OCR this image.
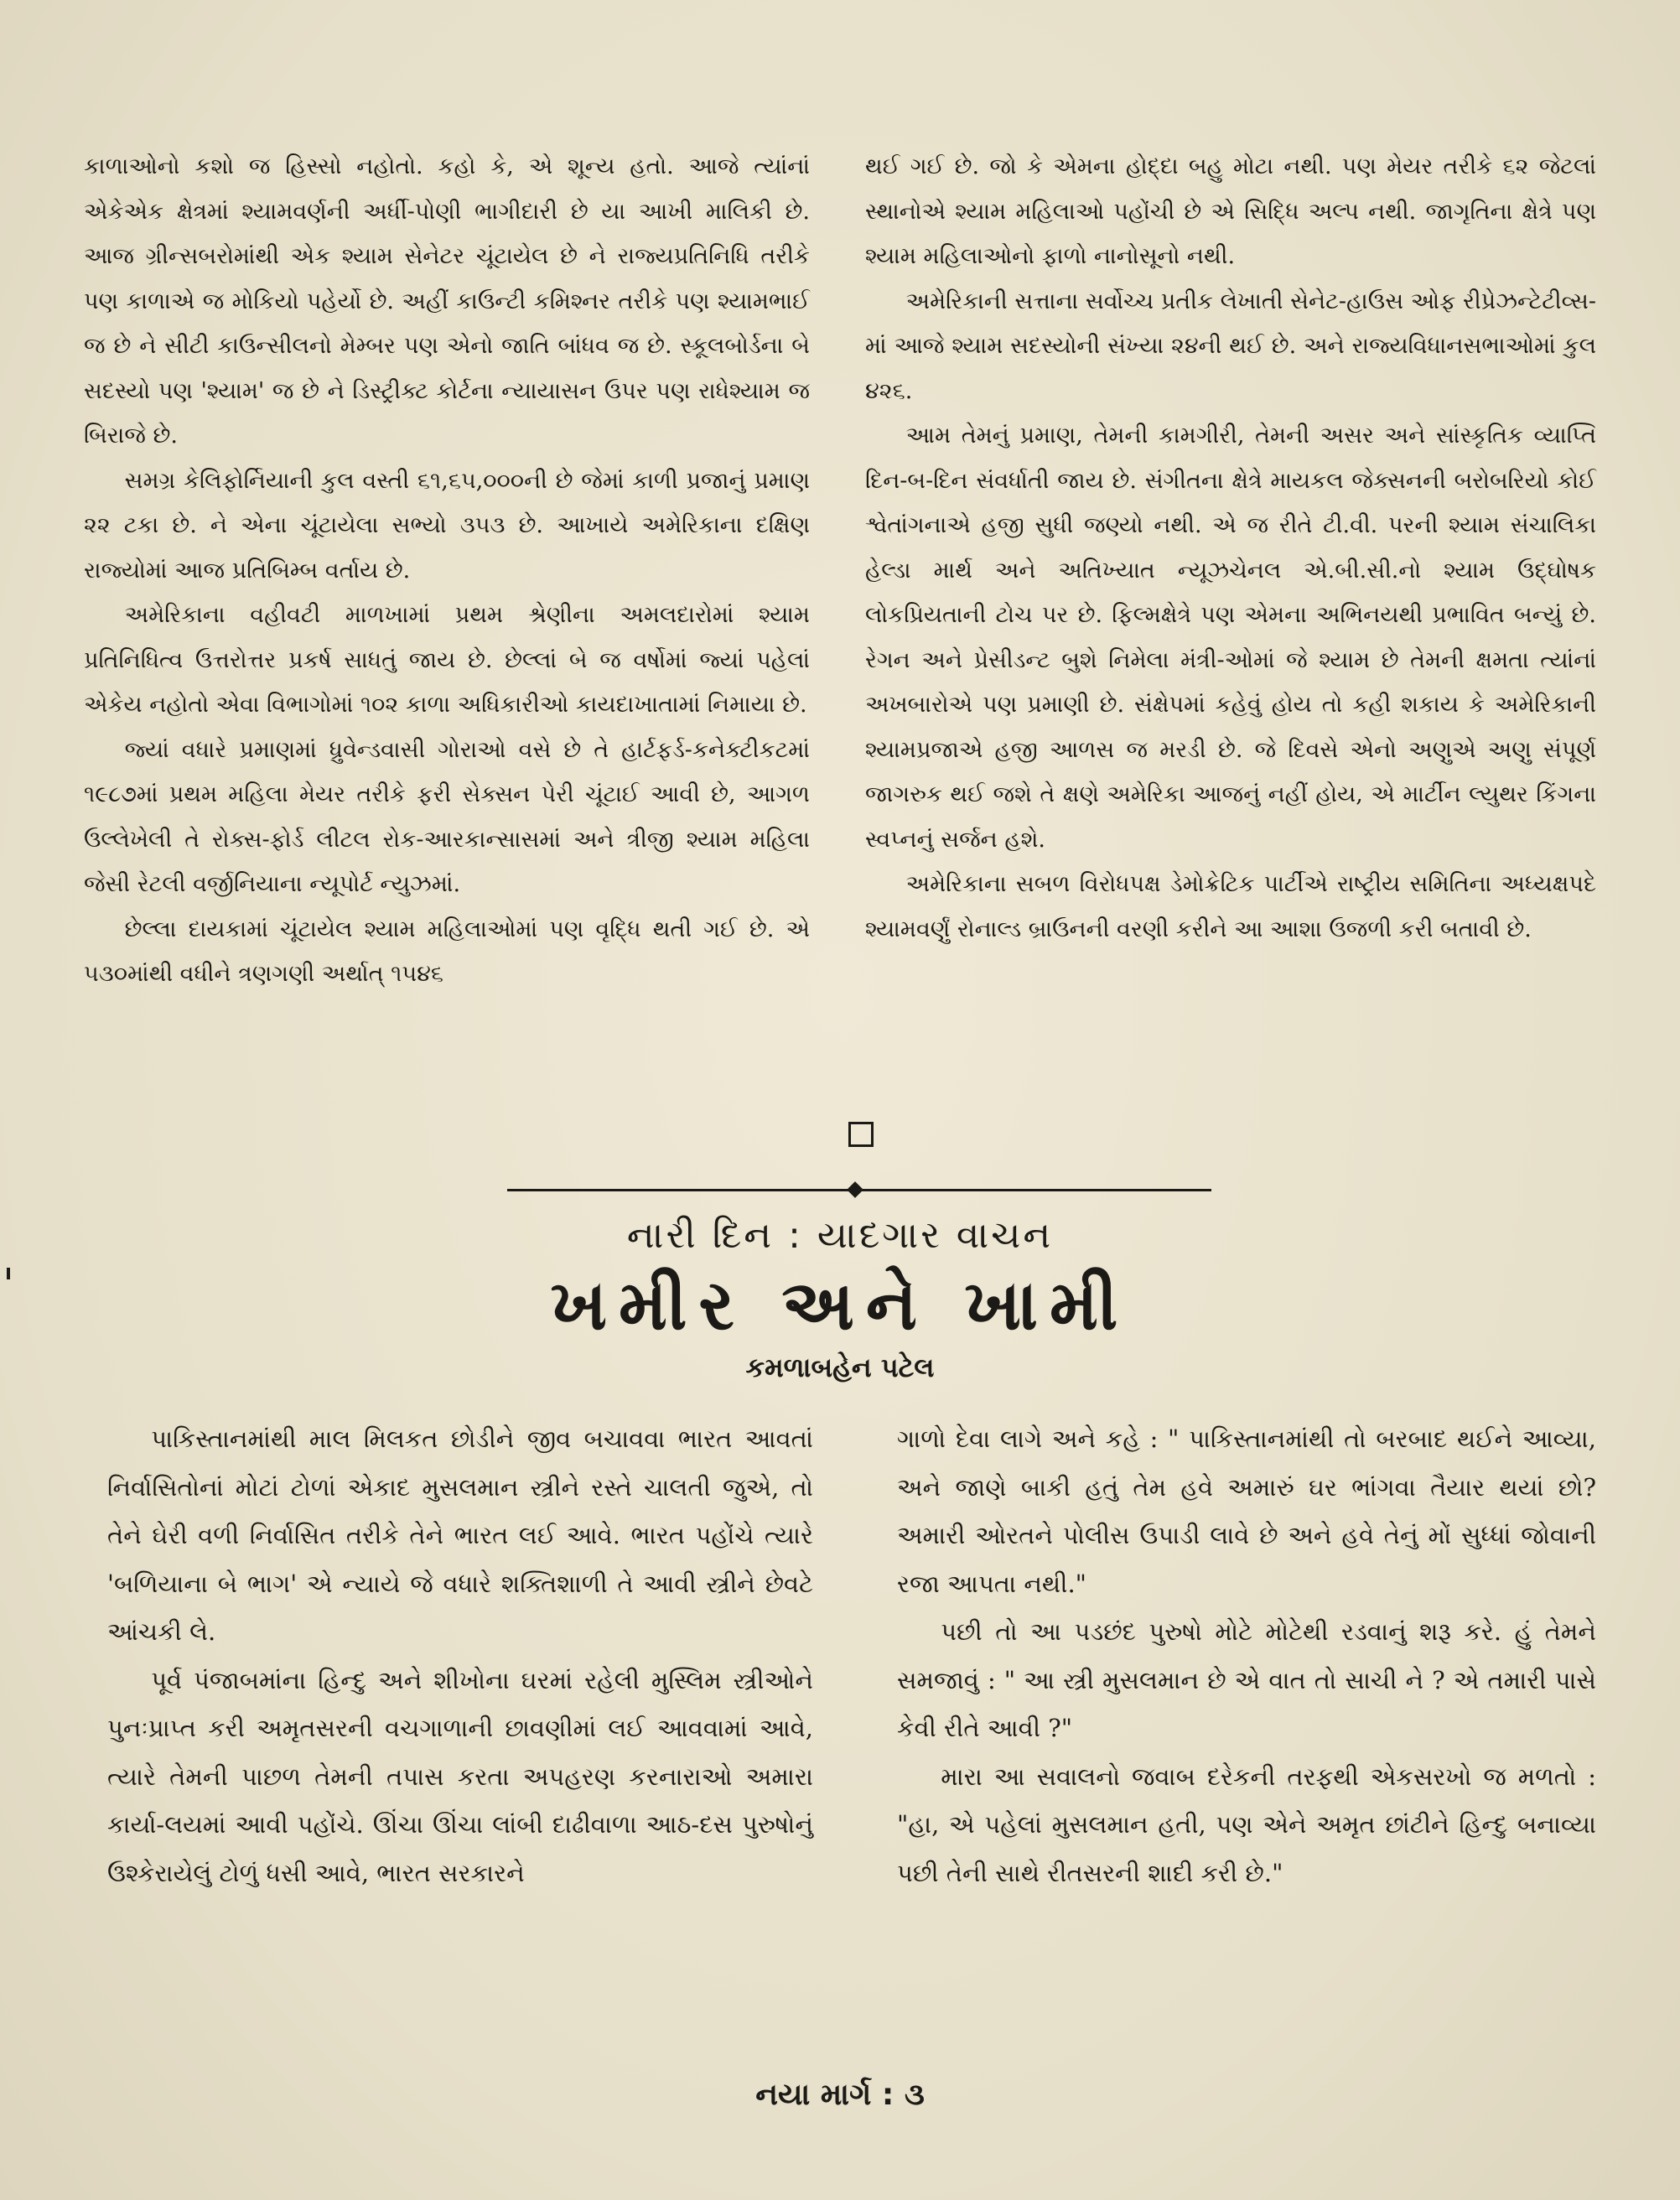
કાળાઓનો કશો જ હિસ્સો નહોતો. કહો કે, એ શૂન્ય હતો. આજે ત્યાંનાં એકેએક ક્ષેત્રમાં શ્યામવર્ણની અર્ધી-પોણી ભાગીદારી છે યા આખી માલિકી છે. આજ ગ્રીન્સબરોમાંથી એક શ્યામ સેનેટર ચૂંટાયેલ છે ને રાજ્યપ્રતિનિધિ તરીકે પણ કાળાએ જ મોકિયો પહેર્યો છે. અહીં કાઉન્ટી કમિશ્નર તરીકે પણ શ્યામભાઈ જ છે ને સીટી કાઉન્સીલનો મેમ્બર પણ એનો જાતિ બાંધવ જ છે. સ્કૂલબોર્ડના બે સદસ્યો પણ 'શ્યામ' જ છે ને ડિસ્ટ્રીક્ટ કોર્ટના ન્યાયાસન ઉપર પણ રાધેશ્યામ જ બિરાજે છે.

સમગ્ર કેલિફોર્નિયાની કુલ વસ્તી ૬૧,૬૫,૦૦૦ની છે જેમાં કાળી પ્રજાનું પ્રમાણ ૨૨ ટકા છે. ને એના ચૂંટાયેલા સભ્યો ૩૫૩ છે. આખાયે અમેરિકાના દક્ષિણ રાજ્યોમાં આજ પ્રતિબિમ્બ વર્તાય છે.

અમેરિકાના વહીવટી માળખામાં પ્રથમ શ્રેણીના અમલદારોમાં શ્યામ પ્રતિનિધિત્વ ઉત્તરોત્તર પ્રકર્ષ સાધતું જાય છે. છેલ્લાં બે જ વર્ષોમાં જ્યાં પહેલાં એકેય નહોતો એવા વિભાગોમાં ૧૦૨ કાળા અધિકારીઓ કાયદાખાતામાં નિમાયા છે.

જ્યાં વધારે પ્રમાણમાં ધ્રુવેન્ડવાસી ગોરાઓ વસે છે તે હાર્ટફર્ડ-કનેક્ટીકટમાં ૧૯૮૭માં પ્રથમ મહિલા મેયર તરીકે ફરી સેક્સન પેરી ચૂંટાઈ આવી છે, આગળ ઉલ્લેખેલી તે રોક્સ-ફોર્ડ લીટલ રોક-આરકાન્સાસમાં અને ત્રીજી શ્યામ મહિલા જેસી રેટલી વર્જીનિયાના ન્યૂપોર્ટ ન્યુઝમાં.

છેલ્લા દાયકામાં ચૂંટાયેલ શ્યામ મહિલાઓમાં પણ વૃદ્ધિ થતી ગઈ છે. એ ૫૩૦માંથી વધીને ત્રણગણી અર્થાત્ ૧૫૪૬

થઈ ગઈ છે. જો કે એમના હોદ્દા બહુ મોટા નથી. પણ મેયર તરીકે ૬૨ જેટલાં સ્થાનોએ શ્યામ મહિલાઓ પહોંચી છે એ સિદ્ધિ અલ્પ નથી. જાગૃતિના ક્ષેત્રે પણ શ્યામ મહિલાઓનો ફાળો નાનોસૂનો નથી.

અમેરિકાની સત્તાના સર્વોચ્ચ પ્રતીક લેખાતી સેનેટ-હાઉસ ઓફ રીપ્રેઝન્ટેટીવ્સ-માં આજે શ્યામ સદસ્યોની સંખ્યા ૨૪ની થઈ છે. અને રાજ્યવિધાનસભાઓમાં કુલ ૪૨૬.

આમ તેમનું પ્રમાણ, તેમની કામગીરી, તેમની અસર અને સાંસ્કૃતિક વ્યાપ્તિ દિન-બ-દિન સંવર્ધાતી જાય છે. સંગીતના ક્ષેત્રે માયકલ જેક્સનની બરોબરિયો કોઈ શ્વેતાંગનાએ હજી સુધી જણ્યો નથી. એ જ રીતે ટી.વી. પરની શ્યામ સંચાલિકા હેલ્ડા માર્થ અને અતિખ્યાત ન્યૂઝચેનલ એ.બી.સી.નો શ્યામ ઉદ્ઘોષક લોકપ્રિયતાની ટોચ પર છે. ફિલ્મક્ષેત્રે પણ એમના અભિનયથી પ્રભાવિત બન્યું છે. રેગન અને પ્રેસીડન્ટ બુશે નિમેલા મંત્રી-ઓમાં જે શ્યામ છે તેમની ક્ષમતા ત્યાંનાં અખબારોએ પણ પ્રમાણી છે. સંક્ષેપમાં કહેવું હોય તો કહી શકાય કે અમેરિકાની શ્યામપ્રજાએ હજી આળસ જ મરડી છે. જે દિવસે એનો અણુએ અણુ સંપૂર્ણ જાગરુક થઈ જશે તે ક્ષણે અમેરિકા આજનું નહીં હોય, એ માર્ટીન લ્યુથર કિંગના સ્વપ્નનું સર્જન હશે.

અમેરિકાના સબળ વિરોધપક્ષ ડેમોક્રેટિક પાર્ટીએ રાષ્ટ્રીય સમિતિના અધ્યક્ષપદે શ્યામવર્ણું રોનાલ્ડ બ્રાઉનની વરણી કરીને આ આશા ઉજળી કરી બતાવી છે.

નારી દિન : યાદગાર વાચન
ખમીર અને ખામી
કમળાબહેન પટેલ

પાકિસ્તાનમાંથી માલ મિલકત છોડીને જીવ બચાવવા ભારત આવતાં નિર્વાસિતોનાં મોટાં ટોળાં એકાદ મુસલમાન સ્ત્રીને રસ્તે ચાલતી જુએ, તો તેને ઘેરી વળી નિર્વાસિત તરીકે તેને ભારત લઈ આવે. ભારત પહોંચે ત્યારે 'બળિયાના બે ભાગ' એ ન્યાયે જે વધારે શક્તિશાળી તે આવી સ્ત્રીને છેવટે આંચકી લે.

પૂર્વ પંજાબમાંના હિન્દુ અને શીખોના ઘરમાં રહેલી મુસ્લિમ સ્ત્રીઓને પુનઃપ્રાપ્ત કરી અમૃતસરની વચગાળાની છાવણીમાં લઈ આવવામાં આવે, ત્યારે તેમની પાછળ તેમની તપાસ કરતા અપહરણ કરનારાઓ અમારા કાર્યા-લયમાં આવી પહોંચે. ઊંચા ઊંચા લાંબી દાઢીવાળા આઠ-દસ પુરુષોનું ઉશ્કેરાયેલું ટોળું ધસી આવે, ભારત સરકારને

ગાળો દેવા લાગે અને કહે : " પાકિસ્તાનમાંથી તો બરબાદ થઈને આવ્યા, અને જાણે બાકી હતું તેમ હવે અમારું ઘર ભાંગવા તૈયાર થયાં છો? અમારી ઓરતને પોલીસ ઉપાડી લાવે છે અને હવે તેનું મોં સુધ્ધાં જોવાની રજા આપતા નથી."

પછી તો આ પડછંદ પુરુષો મોટે મોટેથી રડવાનું શરૂ કરે. હું તેમને સમજાવું : " આ સ્ત્રી મુસલમાન છે એ વાત તો સાચી ને ? એ તમારી પાસે કેવી રીતે આવી ?"

મારા આ સવાલનો જવાબ દરેકની તરફથી એકસરખો જ મળતો : "હા, એ પહેલાં મુસલમાન હતી, પણ એને અમૃત છાંટીને હિન્દુ બનાવ્યા પછી તેની સાથે રીતસરની શાદી કરી છે."

નયા માર્ગ : ૩
